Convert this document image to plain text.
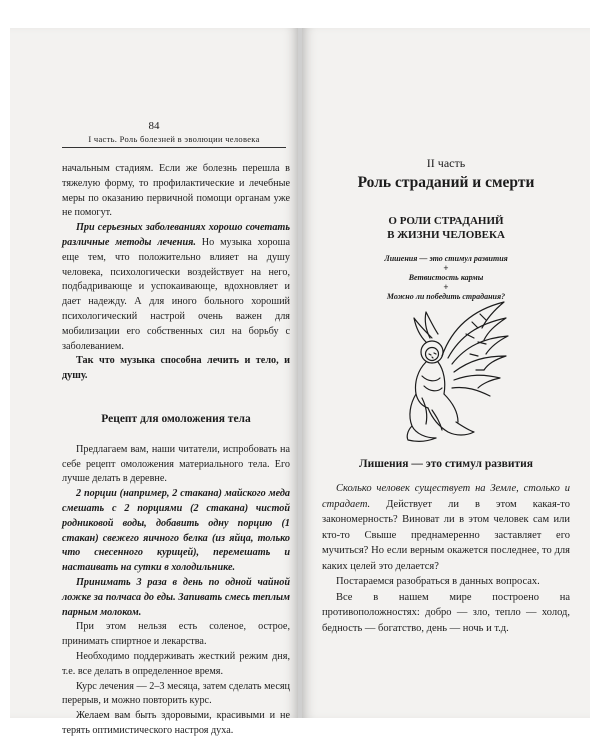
84
I часть. Роль болезней в эволюции человека

начальным стадиям. Если же болезнь перешла в тяжелую форму, то профилактические и лечебные меры по оказанию первичной помощи органам уже не помогут.

При серьезных заболеваниях хорошо сочетать различные методы лечения. Но музыка хороша еще тем, что положительно влияет на душу человека, психологически воздействует на него, подбадривающе и успокаивающе, вдохновляет и дает надежду. А для иного больного хороший психологический настрой очень важен для мобилизации его собственных сил на борьбу с заболеванием.

Так что музыка способна лечить и тело, и душу.

Рецепт для омоложения тела

Предлагаем вам, наши читатели, испробовать на себе рецепт омоложения материального тела. Его лучше делать в деревне.

2 порции (например, 2 стакана) майского меда смешать с 2 порциями (2 стакана) чистой родниковой воды, добавить одну порцию (1 стакан) свежего яичного белка (из яйца, только что снесенного курицей), перемешать и настаивать на сутки в холодильнике.

Принимать 3 раза в день по одной чайной ложке за полчаса до еды. Запивать смесь теплым парным молоком.

При этом нельзя есть соленое, острое, принимать спиртное и лекарства.

Необходимо поддерживать жесткий режим дня, т.е. все делать в определенное время.

Курс лечения — 2–3 месяца, затем сделать месяц перерыв, и можно повторить курс.

Желаем вам быть здоровыми, красивыми и не терять оптимистического настроя духа.

II часть
Роль страданий и смерти
О РОЛИ СТРАДАНИЙ
В ЖИЗНИ ЧЕЛОВЕКА
Лишения — это стимул развития
+
Ветвистость кармы
+
Можно ли победить страдания?
Лишения — это стимул развития

Сколько человек существует на Земле, столько и страдает. Действует ли в этом какая-то закономерность? Виноват ли в этом человек сам или кто-то Свыше преднамеренно заставляет его мучиться? Но если верным окажется последнее, то для каких целей это делается?

Постараемся разобраться в данных вопросах.

Все в нашем мире построено на противоположностях: добро — зло, тепло — холод, бедность — богатство, день — ночь и т.д.
